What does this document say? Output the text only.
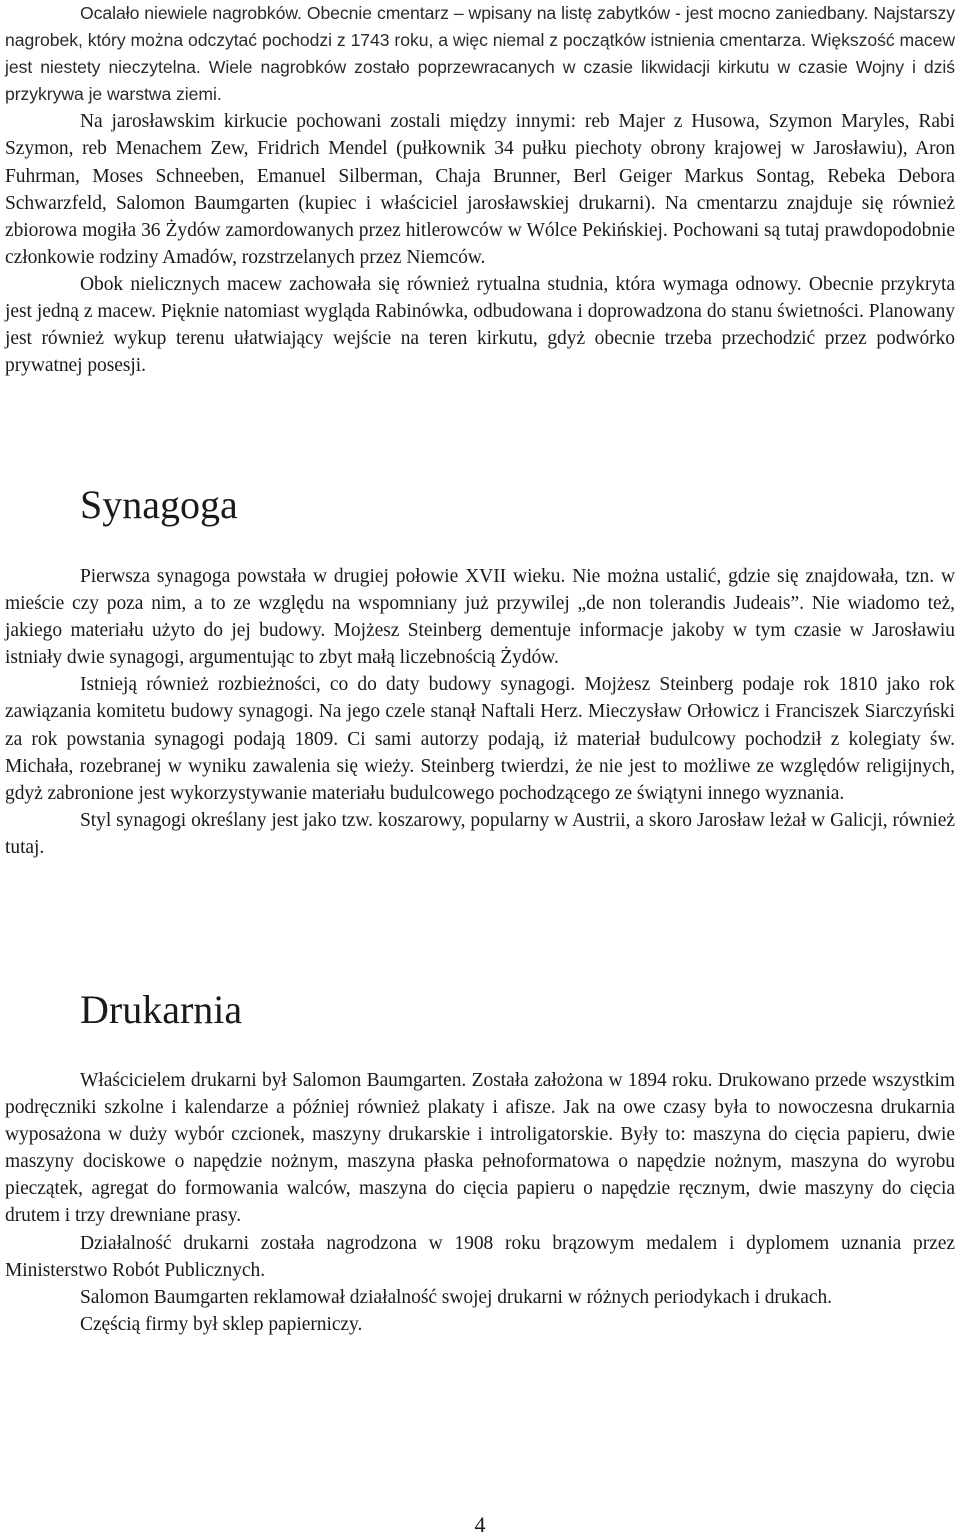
Ocalało niewiele nagrobków. Obecnie cmentarz – wpisany na listę zabytków - jest mocno zaniedbany. Najstarszy nagrobek, który można odczytać pochodzi z 1743 roku, a więc niemal z początków istnienia cmentarza. Większość macew jest niestety nieczytelna. Wiele nagrobków zostało poprzewracanych w czasie likwidacji kirkutu w czasie Wojny i dziś przykrywa je warstwa ziemi.

Na jarosławskim kirkucie pochowani zostali między innymi: reb Majer z Husowa, Szymon Maryles, Rabi Szymon, reb Menachem Zew, Fridrich Mendel (pułkownik 34 pułku piechoty obrony krajowej w Jarosławiu), Aron Fuhrman, Moses Schneeben, Emanuel Silberman, Chaja Brunner, Berl Geiger Markus Sontag, Rebeka Debora Schwarzfeld, Salomon Baumgarten (kupiec i właściciel jarosławskiej drukarni). Na cmentarzu znajduje się również zbiorowa mogiła 36 Żydów zamordowanych przez hitlerowców w Wólce Pekińskiej. Pochowani są tutaj prawdopodobnie członkowie rodziny Amadów, rozstrzelanych przez Niemców.

Obok nielicznych macew zachowała się również rytualna studnia, która wymaga odnowy. Obecnie przykryta jest jedną z macew. Pięknie natomiast wygląda Rabinówka, odbudowana i doprowadzona do stanu świetności. Planowany jest również wykup terenu ułatwiający wejście na teren kirkutu, gdyż obecnie trzeba przechodzić przez podwórko prywatnej posesji.

Synagoga

Pierwsza synagoga powstała w drugiej połowie XVII wieku. Nie można ustalić, gdzie się znajdowała, tzn. w mieście czy poza nim, a to ze względu na wspomniany już przywilej „de non tolerandis Judeais”. Nie wiadomo też, jakiego materiału użyto do jej budowy. Mojżesz Steinberg dementuje informacje jakoby w tym czasie w Jarosławiu istniały dwie synagogi, argumentując to zbyt małą liczebnością Żydów.

Istnieją również rozbieżności, co do daty budowy synagogi. Mojżesz Steinberg podaje rok 1810 jako rok zawiązania komitetu budowy synagogi. Na jego czele stanął Naftali Herz. Mieczysław Orłowicz i Franciszek Siarczyński za rok powstania synagogi podają 1809. Ci sami autorzy podają, iż materiał budulcowy pochodził z kolegiaty św. Michała, rozebranej w wyniku zawalenia się wieży. Steinberg twierdzi, że nie jest to możliwe ze względów religijnych, gdyż zabronione jest wykorzystywanie materiału budulcowego pochodzącego ze świątyni innego wyznania.

Styl synagogi określany jest jako tzw. koszarowy, popularny w Austrii, a skoro Jarosław leżał w Galicji, również tutaj.

Drukarnia

Właścicielem drukarni był Salomon Baumgarten. Została założona w 1894 roku. Drukowano przede wszystkim podręczniki szkolne i kalendarze a później również plakaty i afisze. Jak na owe czasy była to nowoczesna drukarnia wyposażona w duży wybór czcionek, maszyny drukarskie i introligatorskie. Były to: maszyna do cięcia papieru, dwie maszyny dociskowe o napędzie nożnym, maszyna płaska pełnoformatowa o napędzie nożnym, maszyna do wyrobu pieczątek, agregat do formowania walców, maszyna do cięcia papieru o napędzie ręcznym, dwie maszyny do cięcia drutem i trzy drewniane prasy.

Działalność drukarni została nagrodzona w 1908 roku brązowym medalem i dyplomem uznania przez Ministerstwo Robót Publicznych.

Salomon Baumgarten reklamował działalność swojej drukarni w różnych periodykach i drukach.

Częścią firmy był sklep papierniczy.

4
